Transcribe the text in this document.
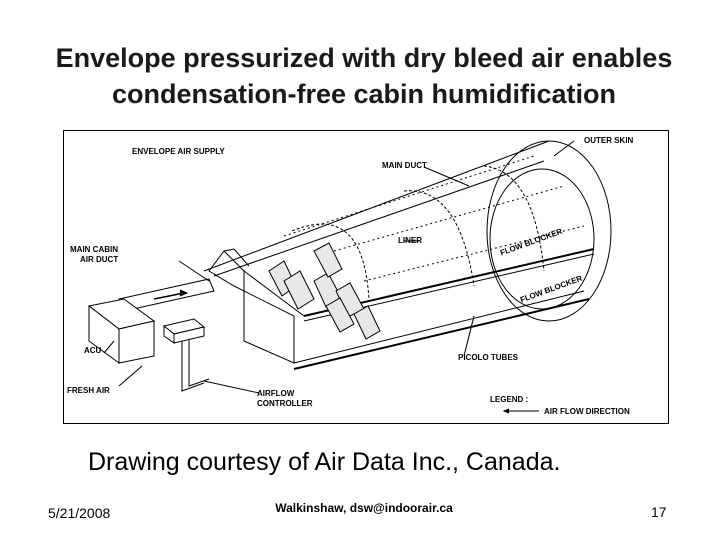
Envelope pressurized with dry bleed air enables
condensation-free cabin humidification
ENVELOPE AIR SUPPLY
OUTER SKIN
MAIN DUCT
MAIN CABIN
AIR DUCT
LINER	FLOW BLOCKER
FLOW BLOCKER
ACU
FRESH AIR	AIRFLOW
CONTROLLER
PICOLO TUBES
LEGEND :
AIR FLOW DIRECTION
Drawing courtesy of Air Data Inc., Canada.
5/21/2008	Walkinshaw, dsw@indoorair.ca	17
